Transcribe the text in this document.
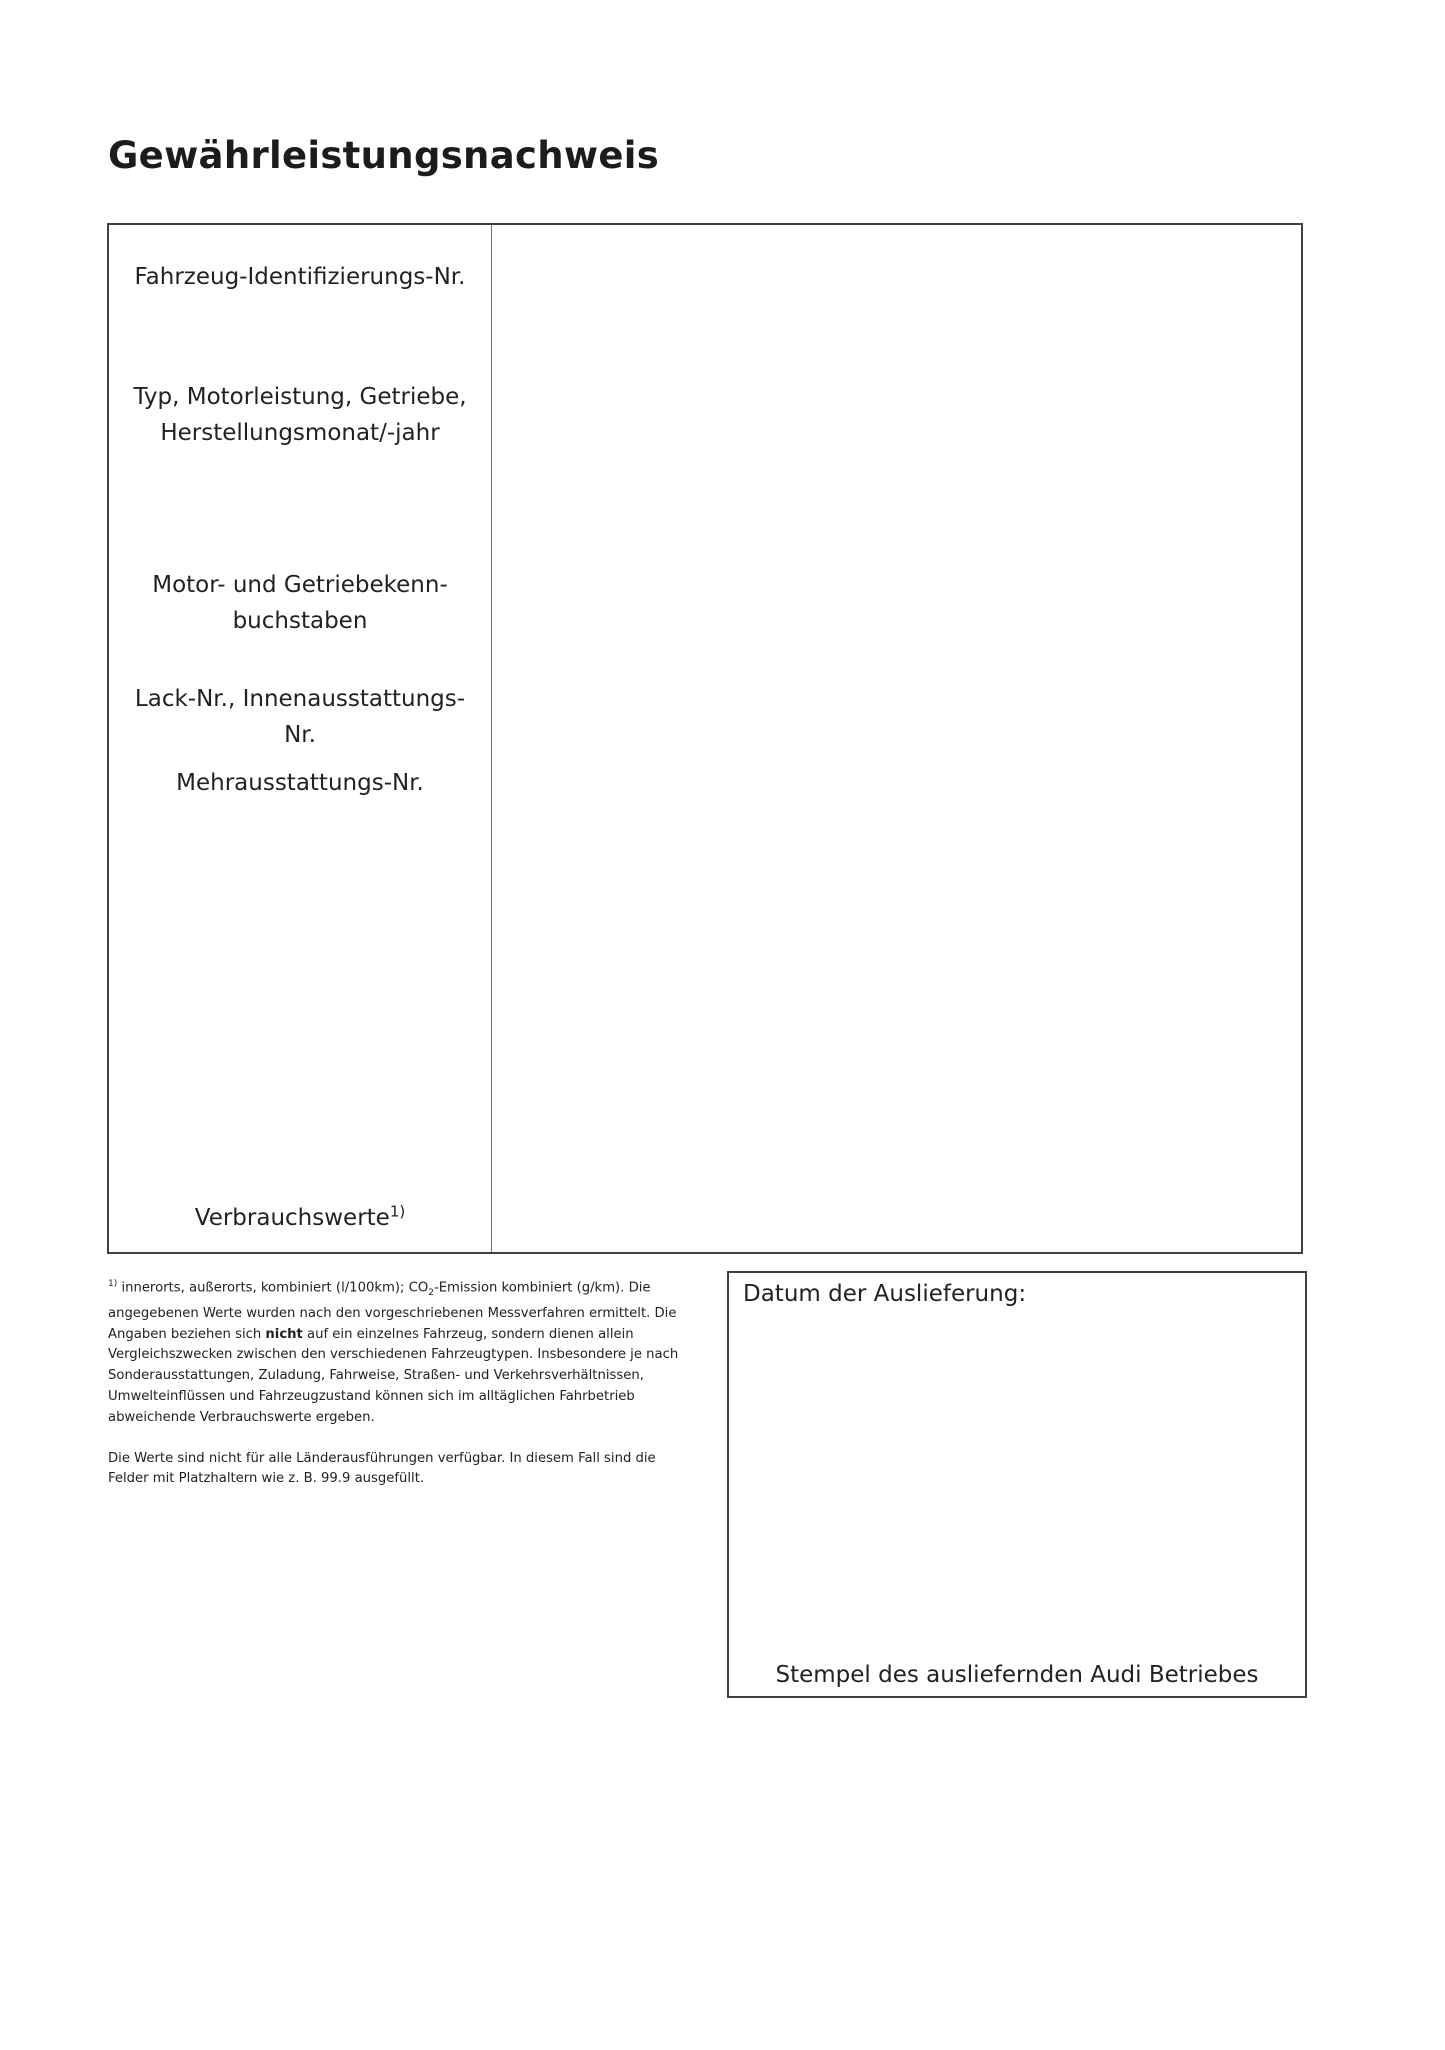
Gewährleistungsnachweis
Fahrzeug-Identifizierungs-Nr.
Typ, Motorleistung, Getriebe,
Herstellungsmonat/-jahr
Motor- und Getriebekenn-
buchstaben
Lack-Nr., Innenausstattungs-
Nr.
Mehrausstattungs-Nr.
Verbrauchswerte$^{1)}$

$^{1)}$ innerorts, außerorts, kombiniert (l/100km); $CO_2$-Emission kombiniert (g/km). Die angegebenen Werte wurden nach den vorgeschriebenen Messverfahren ermittelt. Die Angaben beziehen sich nicht auf ein einzelnes Fahrzeug, sondern dienen allein Vergleichszwecken zwischen den verschiedenen Fahrzeugtypen. Insbesondere je nach Sonderausstattungen, Zuladung, Fahrweise, Straßen- und Verkehrsverhältnissen, Umwelteinflüssen und Fahrzeugzustand können sich im alltäglichen Fahrbetrieb abweichende Verbrauchswerte ergeben.

Die Werte sind nicht für alle Länderausführungen verfügbar. In diesem Fall sind die Felder mit Platzhaltern wie z. B. 99.9 ausgefüllt.

Datum der Auslieferung:
Stempel des ausliefernden Audi Betriebes
